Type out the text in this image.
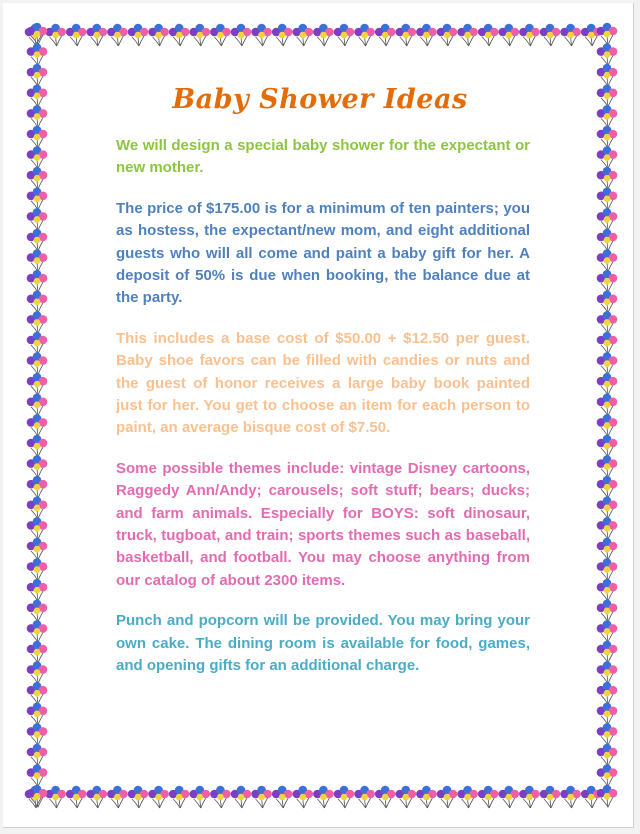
Baby Shower Ideas

We will design a special baby shower for the expectant or new mother.

The price of $175.00 is for a minimum of ten painters; you as hostess, the expectant/new mom, and eight additional guests who will all come and paint a baby gift for her. A deposit of 50% is due when booking, the balance due at the party.

This includes a base cost of $50.00 + $12.50 per guest. Baby shoe favors can be filled with candies or nuts and the guest of honor receives a large baby book painted just for her. You get to choose an item for each person to paint, an average bisque cost of $7.50.

Some possible themes include: vintage Disney cartoons, Raggedy Ann/Andy; carousels; soft stuff; bears; ducks; and farm animals. Especially for BOYS: soft dinosaur, truck, tugboat, and train; sports themes such as baseball, basketball, and football. You may choose anything from our catalog of about 2300 items.

Punch and popcorn will be provided. You may bring your own cake. The dining room is available for food, games, and opening gifts for an additional charge.
